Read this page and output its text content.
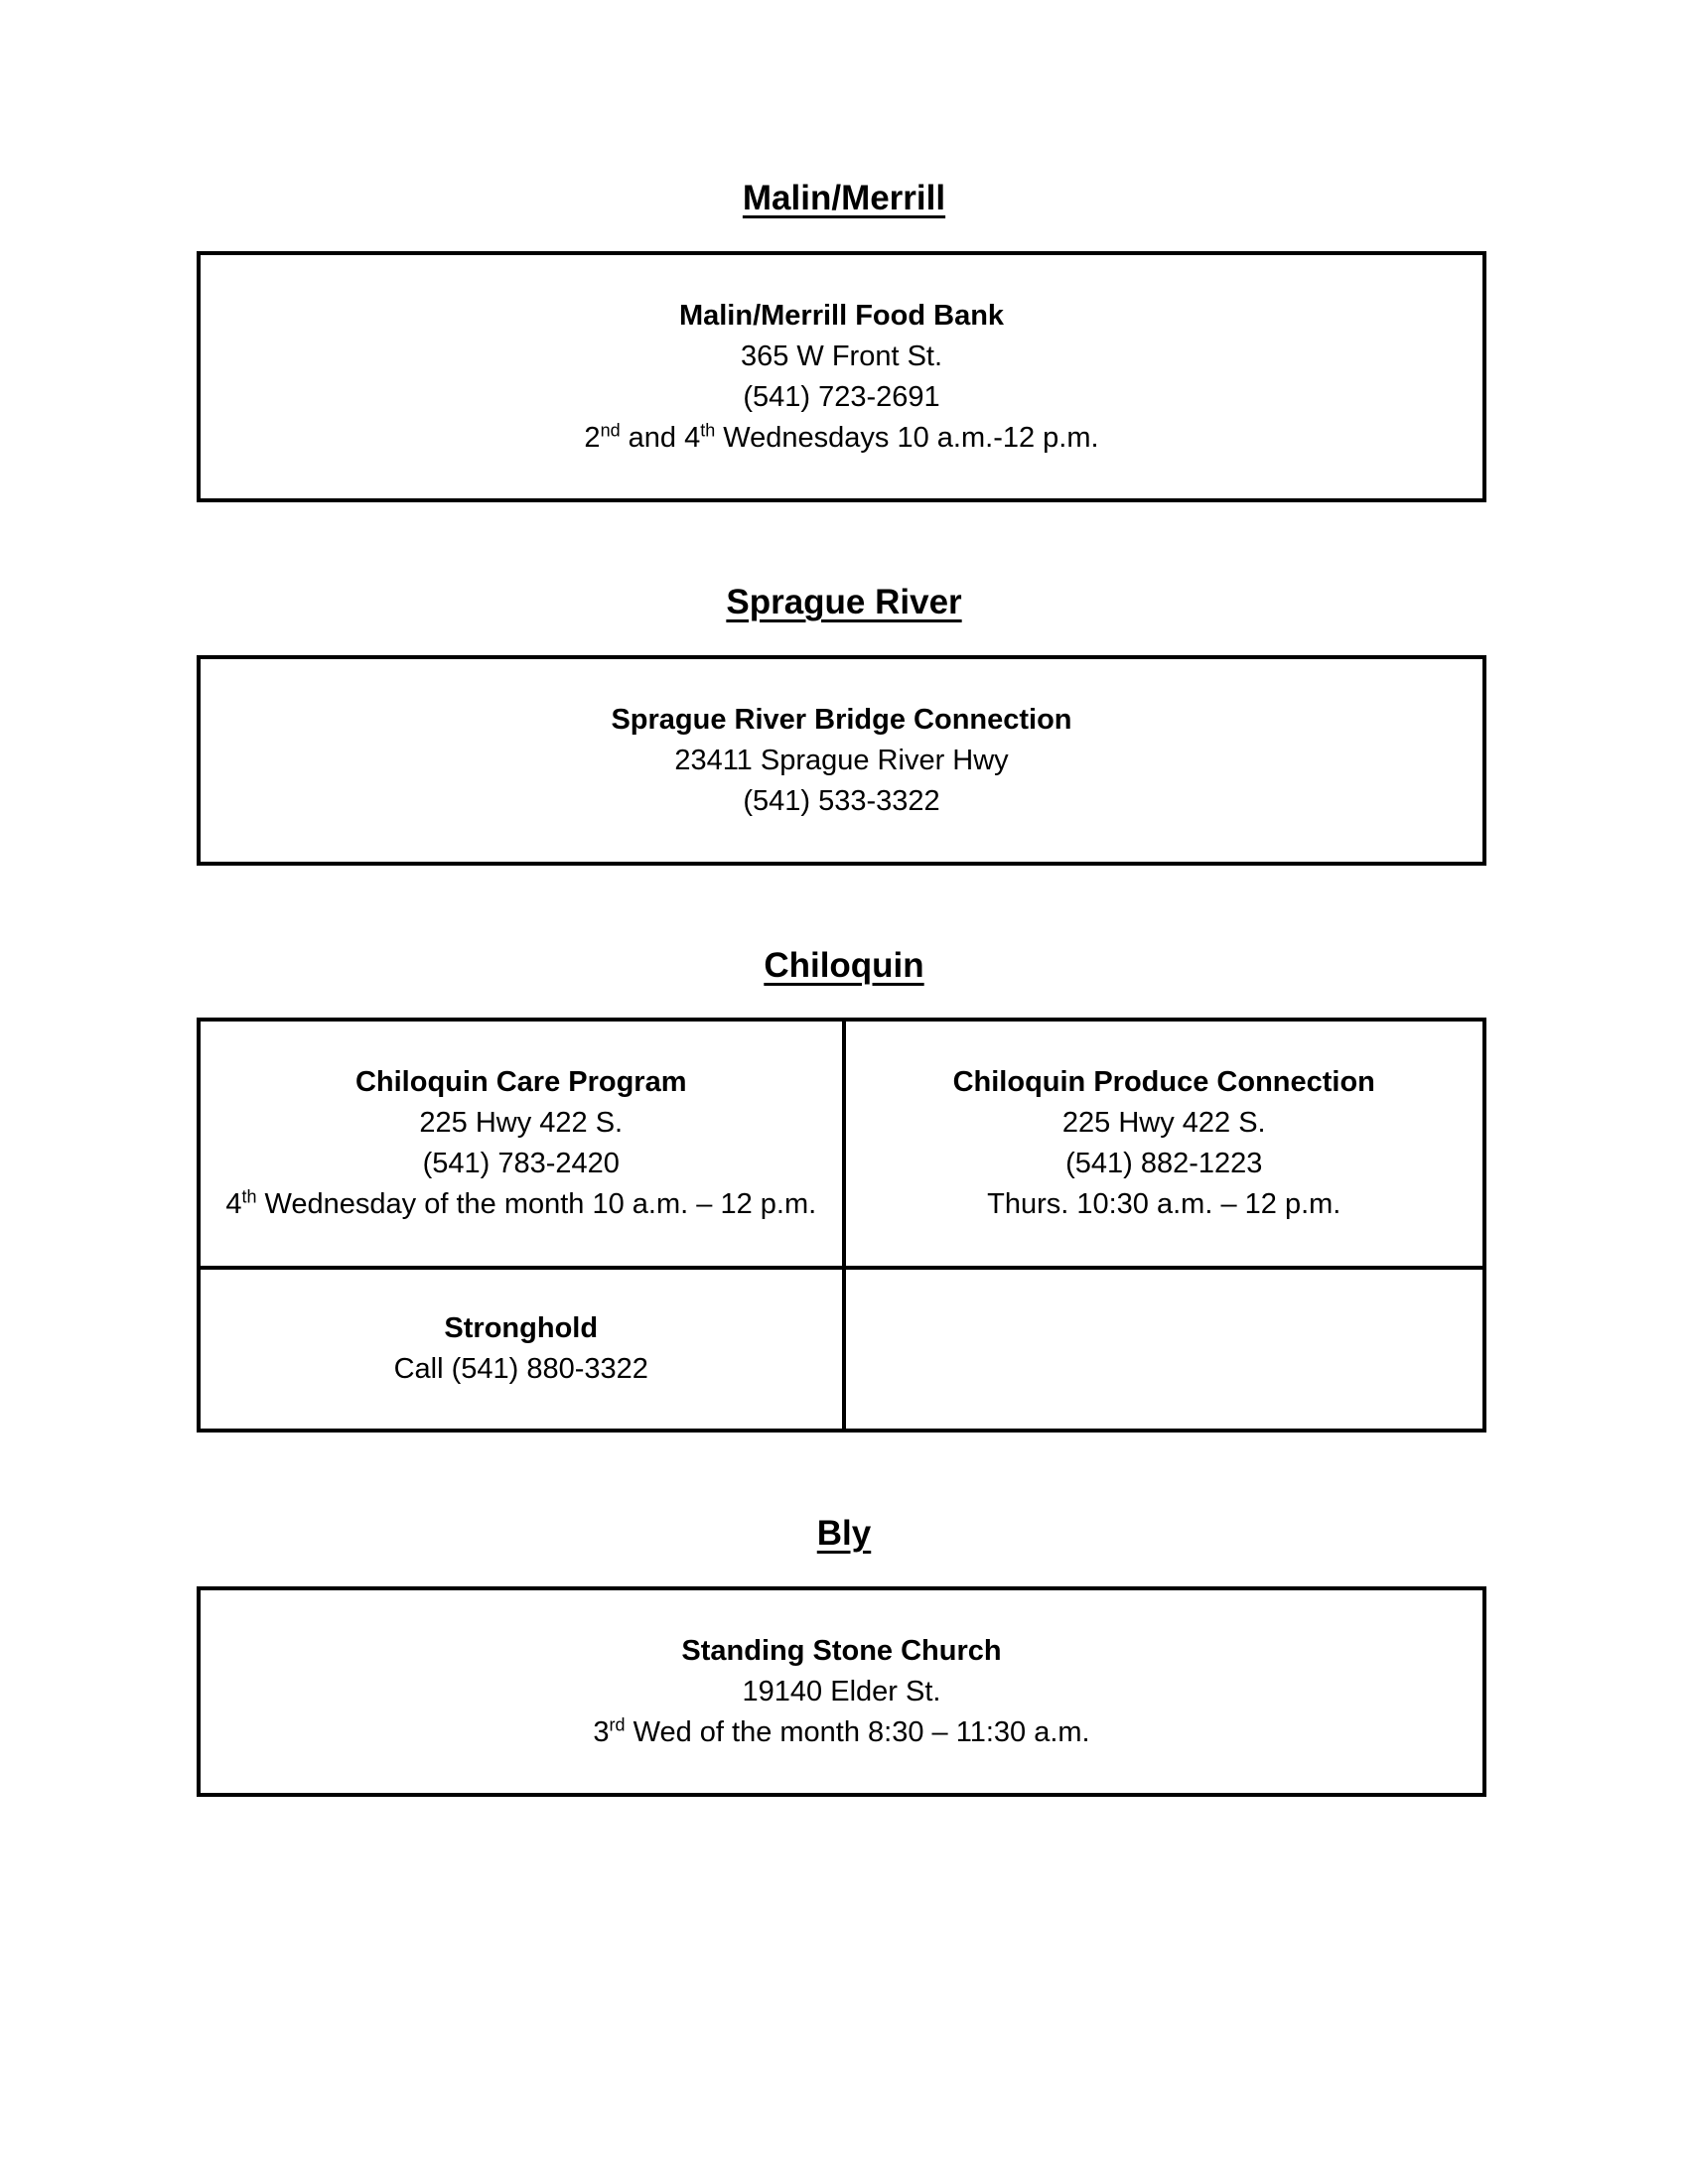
Malin/Merrill
Malin/Merrill Food Bank
365 W Front St.
(541) 723-2691
2nd and 4th Wednesdays 10 a.m.-12 p.m.
Sprague River
Sprague River Bridge Connection
23411 Sprague River Hwy
(541) 533-3322
Chiloquin
Chiloquin Care Program
225 Hwy 422 S.
(541) 783-2420
4th Wednesday of the month 10 a.m. – 12 p.m.
Chiloquin Produce Connection
225 Hwy 422 S.
(541) 882-1223
Thurs. 10:30 a.m. – 12 p.m.
Stronghold
Call (541) 880-3322
Bly
Standing Stone Church
19140 Elder St.
3rd Wed of the month 8:30 – 11:30 a.m.
